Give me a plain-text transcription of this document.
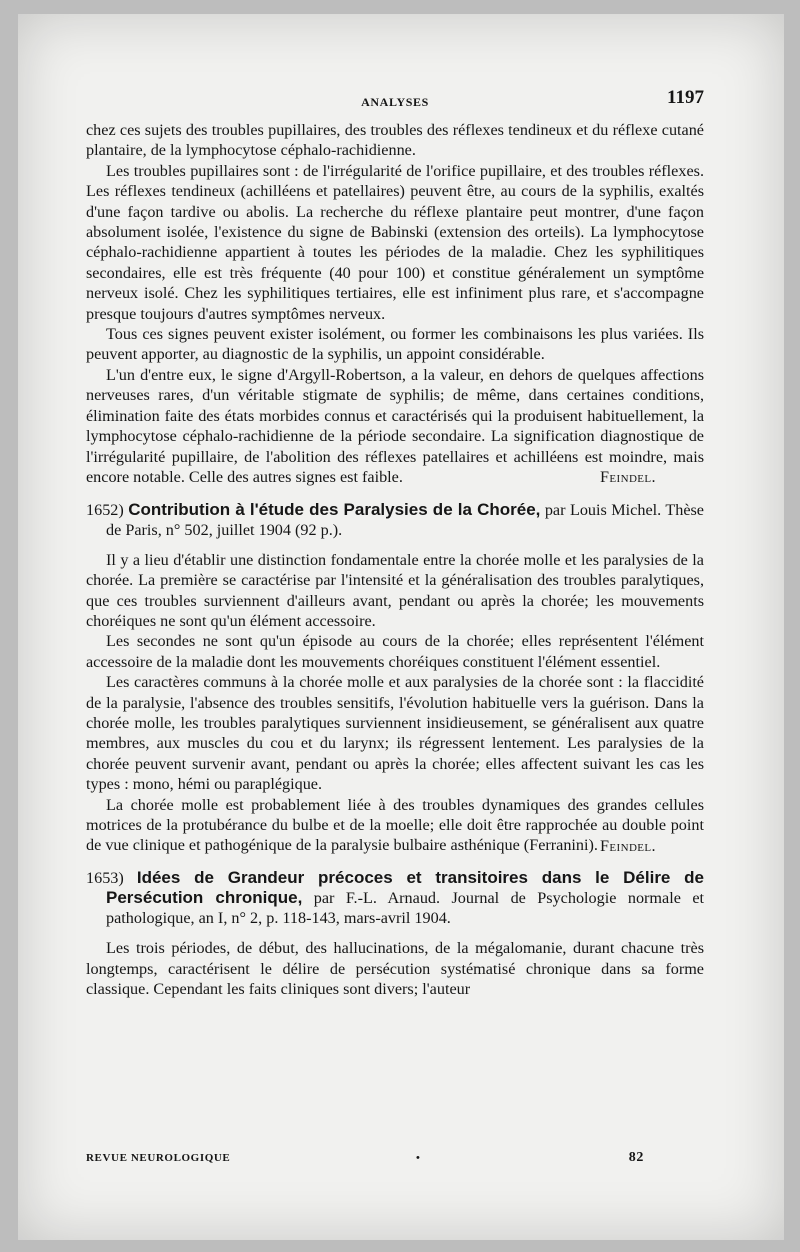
ANALYSES	1197

chez ces sujets des troubles pupillaires, des troubles des réflexes tendineux et du réflexe cutané plantaire, de la lymphocytose céphalo-rachidienne.

Les troubles pupillaires sont : de l'irrégularité de l'orifice pupillaire, et des troubles réflexes. Les réflexes tendineux (achilléens et patellaires) peuvent être, au cours de la syphilis, exaltés d'une façon tardive ou abolis. La recherche du réflexe plantaire peut montrer, d'une façon absolument isolée, l'existence du signe de Babinski (extension des orteils). La lymphocytose céphalo-rachidienne appartient à toutes les périodes de la maladie. Chez les syphilitiques secondaires, elle est très fréquente (40 pour 100) et constitue généralement un symptôme nerveux isolé. Chez les syphilitiques tertiaires, elle est infiniment plus rare, et s'accompagne presque toujours d'autres symptômes nerveux.

Tous ces signes peuvent exister isolément, ou former les combinaisons les plus variées. Ils peuvent apporter, au diagnostic de la syphilis, un appoint considérable.

L'un d'entre eux, le signe d'Argyll-Robertson, a la valeur, en dehors de quelques affections nerveuses rares, d'un véritable stigmate de syphilis; de même, dans certaines conditions, élimination faite des états morbides connus et caractérisés qui la produisent habituellement, la lymphocytose céphalo-rachidienne de la période secondaire. La signification diagnostique de l'irrégularité pupillaire, de l'abolition des réflexes patellaires et achilléens est moindre, mais encore notable. Celle des autres signes est faible.	Feindel.

1652) Contribution à l'étude des Paralysies de la Chorée, par Louis Michel. Thèse de Paris, n° 502, juillet 1904 (92 p.).

Il y a lieu d'établir une distinction fondamentale entre la chorée molle et les paralysies de la chorée. La première se caractérise par l'intensité et la généralisation des troubles paralytiques, que ces troubles surviennent d'ailleurs avant, pendant ou après la chorée; les mouvements choréiques ne sont qu'un élément accessoire.

Les secondes ne sont qu'un épisode au cours de la chorée; elles représentent l'élément accessoire de la maladie dont les mouvements choréiques constituent l'élément essentiel.

Les caractères communs à la chorée molle et aux paralysies de la chorée sont : la flaccidité de la paralysie, l'absence des troubles sensitifs, l'évolution habituelle vers la guérison. Dans la chorée molle, les troubles paralytiques surviennent insidieusement, se généralisent aux quatre membres, aux muscles du cou et du larynx; ils régressent lentement. Les paralysies de la chorée peuvent survenir avant, pendant ou après la chorée; elles affectent suivant les cas les types : mono, hémi ou paraplégique.

La chorée molle est probablement liée à des troubles dynamiques des grandes cellules motrices de la protubérance du bulbe et de la moelle; elle doit être rapprochée au double point de vue clinique et pathogénique de la paralysie bulbaire asthénique (Ferranini). Feindel.

1653) Idées de Grandeur précoces et transitoires dans le Délire de Persécution chronique, par F.-L. Arnaud. Journal de Psychologie normale et pathologique, an I, n° 2, p. 118-143, mars-avril 1904.

Les trois périodes, de début, des hallucinations, de la mégalomanie, durant chacune très longtemps, caractérisent le délire de persécution systématisé chronique dans sa forme classique. Cependant les faits cliniques sont divers; l'auteur

REVUE NEUROLOGIQUE	•	82
